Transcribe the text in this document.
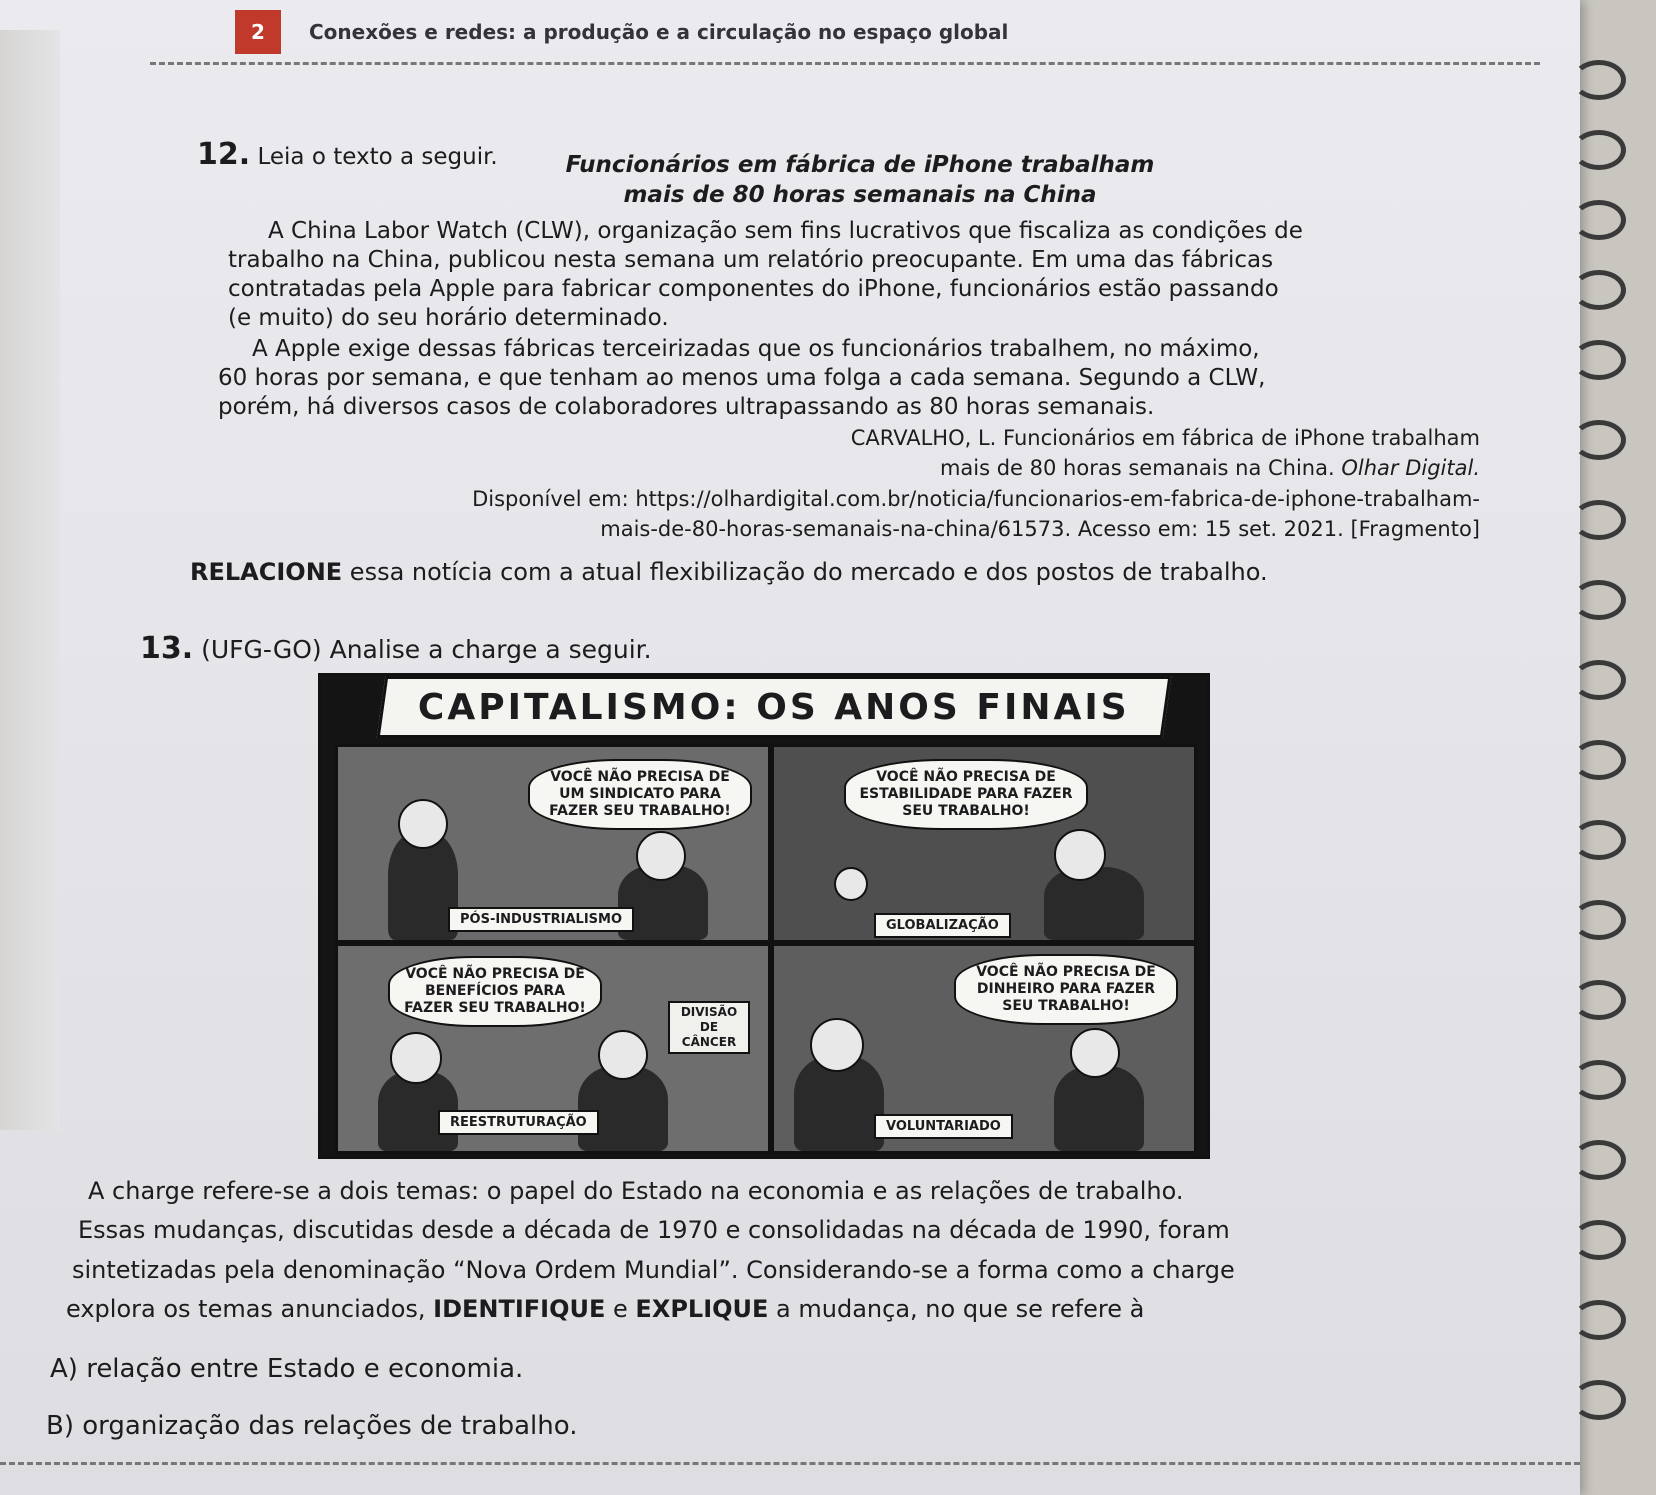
2	Conexões e redes: a produção e a circulação no espaço global
12. Leia o texto a seguir.	Funcionários em fábrica de iPhone trabalham
mais de 80 horas semanais na China
A China Labor Watch (CLW), organização sem fins lucrativos que fiscaliza as condições de
trabalho na China, publicou nesta semana um relatório preocupante. Em uma das fábricas
contratadas pela Apple para fabricar componentes do iPhone, funcionários estão passando
(e muito) do seu horário determinado.
A Apple exige dessas fábricas terceirizadas que os funcionários trabalhem, no máximo,
60 horas por semana, e que tenham ao menos uma folga a cada semana. Segundo a CLW,
porém, há diversos casos de colaboradores ultrapassando as 80 horas semanais.
CARVALHO, L. Funcionários em fábrica de iPhone trabalham
mais de 80 horas semanais na China. Olhar Digital.
Disponível em: https://olhardigital.com.br/noticia/funcionarios-em-fabrica-de-iphone-trabalham-
mais-de-80-horas-semanais-na-china/61573. Acesso em: 15 set. 2021. [Fragmento]
RELACIONE essa notícia com a atual flexibilização do mercado e dos postos de trabalho.
13. (UFG-GO) Analise a charge a seguir.
CAPITALISMO: OS ANOS FINAIS
VOCÊ NÃO PRECISA DE UM SINDICATO PARA FAZER SEU TRABALHO!
PÓS-INDUSTRIALISMO
VOCÊ NÃO PRECISA DE ESTABILIDADE PARA FAZER SEU TRABALHO!
GLOBALIZAÇÃO
VOCÊ NÃO PRECISA DE BENEFÍCIOS PARA FAZER SEU TRABALHO!	DIVISÃO DE CÂNCER
REESTRUTURAÇÃO
VOCÊ NÃO PRECISA DE DINHEIRO PARA FAZER SEU TRABALHO!
VOLUNTARIADO
A charge refere-se a dois temas: o papel do Estado na economia e as relações de trabalho.
Essas mudanças, discutidas desde a década de 1970 e consolidadas na década de 1990, foram
sintetizadas pela denominação “Nova Ordem Mundial”. Considerando-se a forma como a charge
explora os temas anunciados, IDENTIFIQUE e EXPLIQUE a mudança, no que se refere à
A) relação entre Estado e economia.
B) organização das relações de trabalho.
